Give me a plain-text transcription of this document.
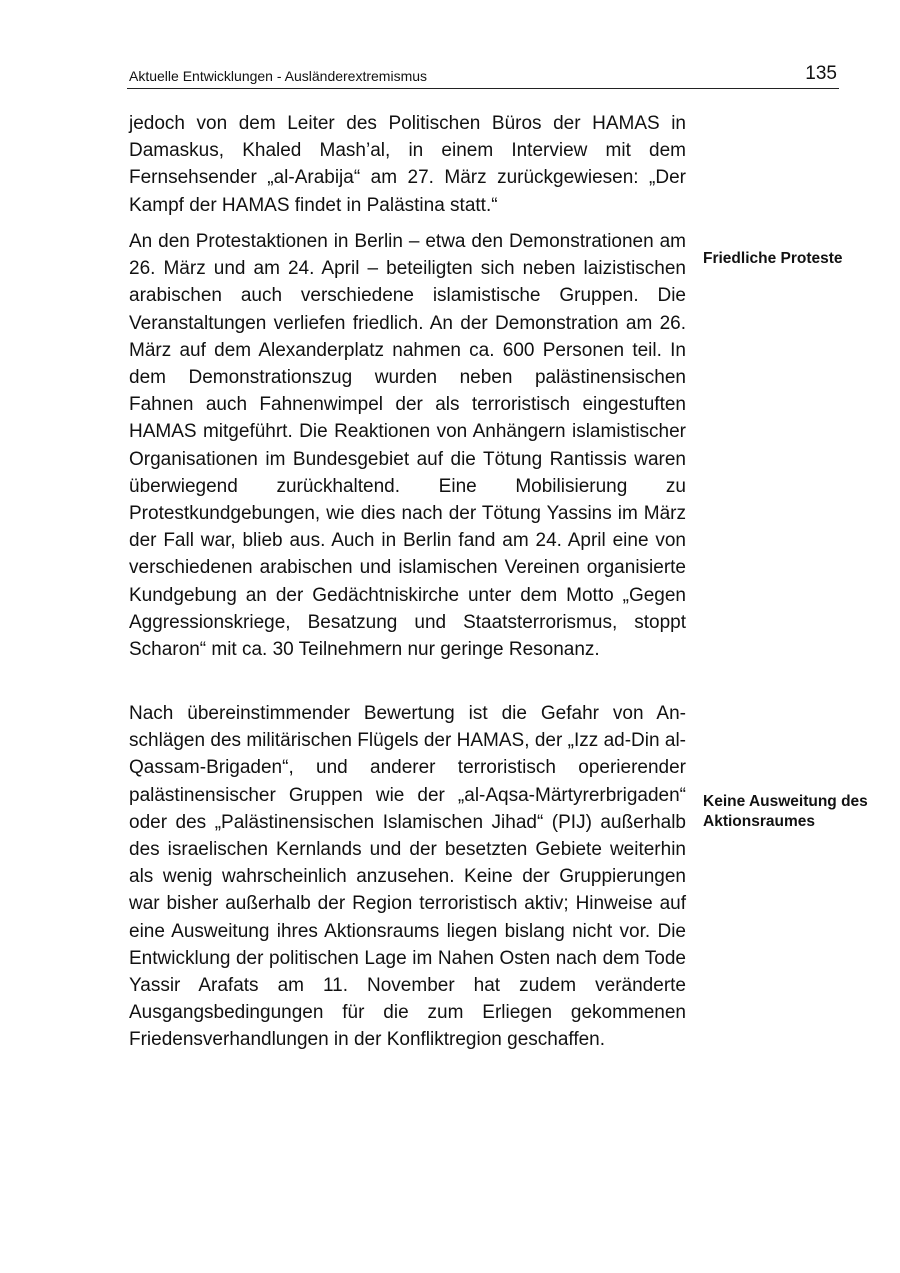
Aktuelle Entwicklungen - Ausländerextremismus	135

jedoch von dem Leiter des Politischen Büros der HAMAS in Damaskus, Khaled Mash’al, in einem Interview mit dem Fernsehsender „al-Arabija“ am 27. März zurückgewiesen: „Der Kampf der HAMAS findet in Palästina statt.“

An den Protestaktionen in Berlin – etwa den Demonstrationen am 26. März und am 24. April – beteiligten sich neben laizistischen arabischen auch verschiedene islamistische Gruppen. Die Veranstaltungen verliefen friedlich. An der Demonstration am 26. März auf dem Alexanderplatz nahmen ca. 600 Personen teil. In dem Demonstrationszug wurden neben palästinensischen Fahnen auch Fahnenwimpel der als terroristisch eingestuften HAMAS mitgeführt. Die Reaktionen von Anhängern islamistischer Organisationen im Bundesgebiet auf die Tötung Rantissis waren überwiegend zurückhaltend. Eine Mobilisierung zu Protestkundgebungen, wie dies nach der Tötung Yassins im März der Fall war, blieb aus. Auch in Berlin fand am 24. April eine von verschiedenen arabischen und islamischen Vereinen organisierte Kundgebung an der Gedächtniskirche unter dem Motto „Gegen Aggressionskriege, Besatzung und Staatsterrorismus, stoppt Scharon“ mit ca. 30 Teilnehmern nur geringe Resonanz.

Nach übereinstimmender Bewertung ist die Gefahr von Anschlägen des militärischen Flügels der HAMAS, der „Izz ad-Din al-Qassam-Brigaden“, und anderer terroristisch operierender palästinensischer Gruppen wie der „al-Aqsa-Märtyrerbrigaden“ oder des „Palästinensischen Islamischen Jihad“ (PIJ) außerhalb des israelischen Kernlands und der besetzten Gebiete weiterhin als wenig wahrscheinlich anzusehen. Keine der Gruppierungen war bisher außerhalb der Region terroristisch aktiv; Hinweise auf eine Ausweitung ihres Aktionsraums liegen bislang nicht vor. Die Entwicklung der politischen Lage im Nahen Osten nach dem Tode Yassir Arafats am 11. November hat zudem veränderte Ausgangsbedingungen für die zum Erliegen gekommenen Friedensverhandlungen in der Konfliktregion geschaffen.

Friedliche Proteste
Keine Ausweitung des Aktionsraumes
